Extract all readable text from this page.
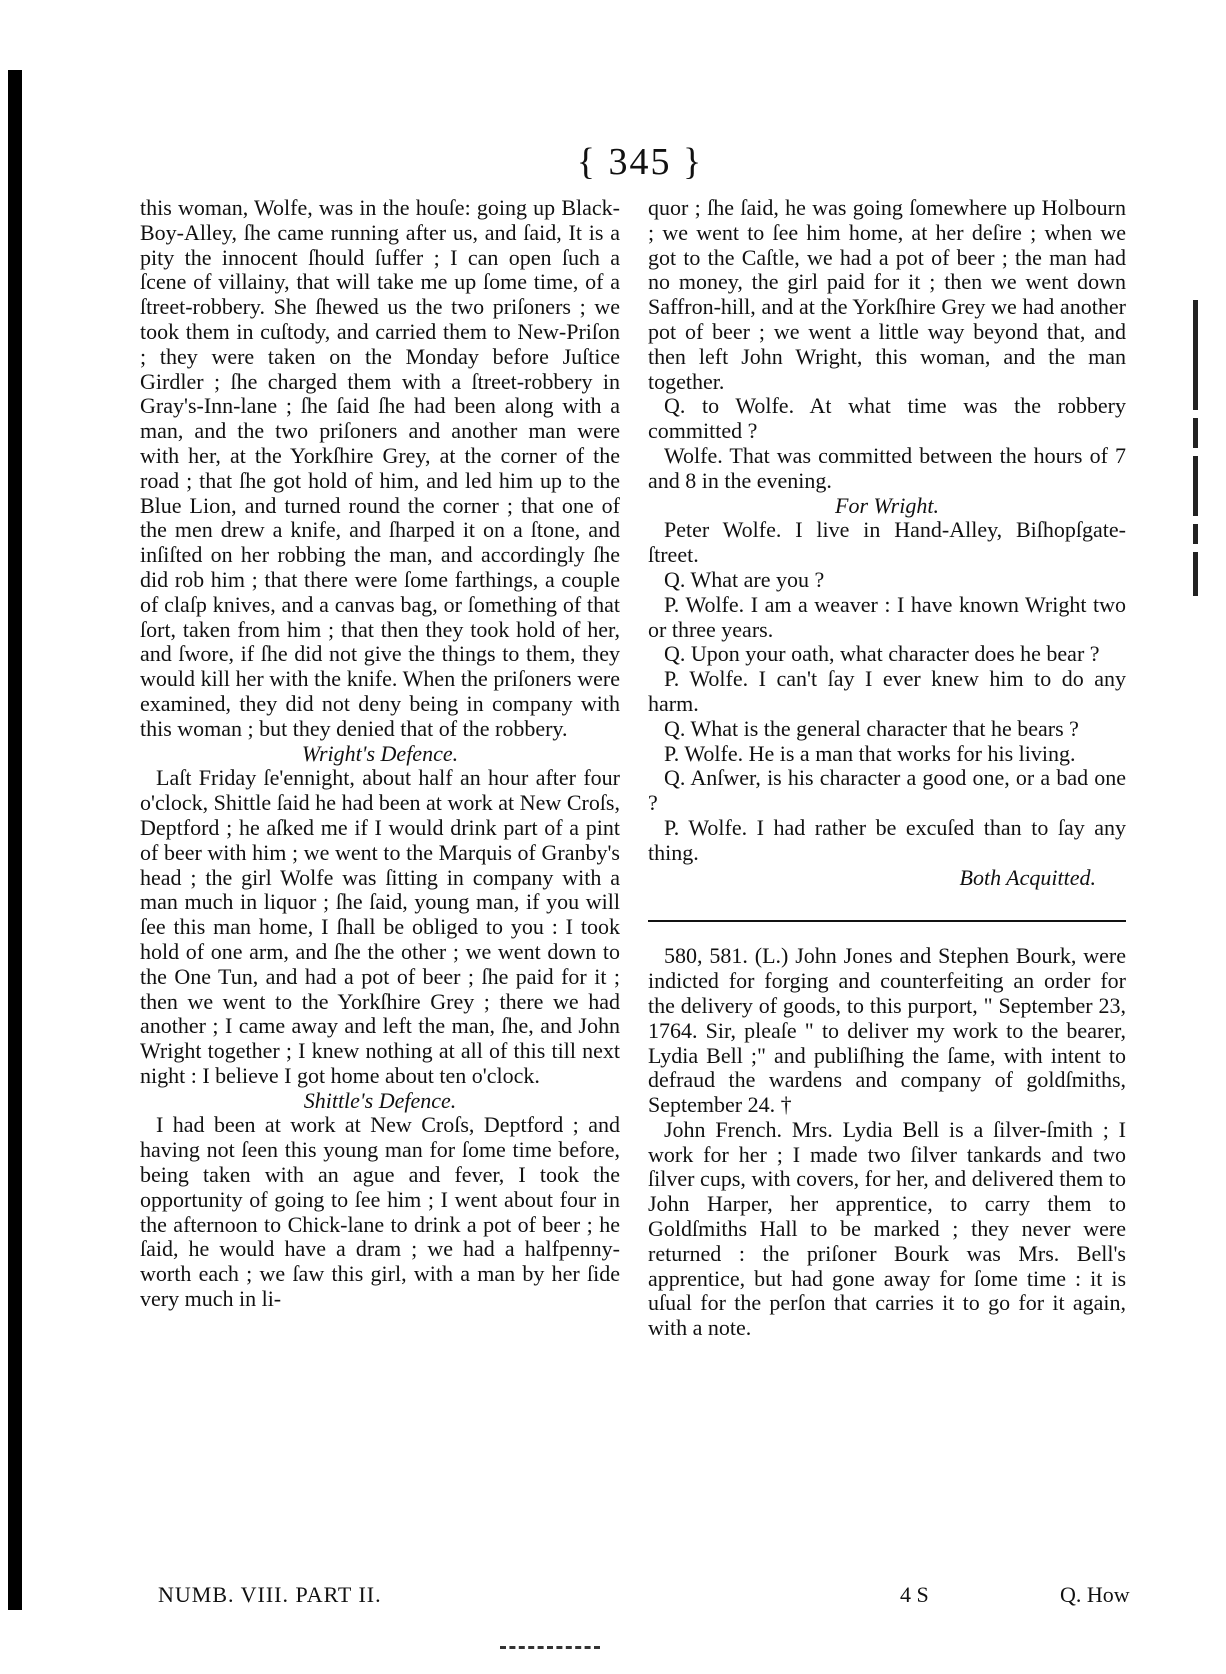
{ 345 }

this woman, Wolfe, was in the houſe: going up Black-Boy-Alley, ſhe came running after us, and ſaid, It is a pity the innocent ſhould ſuffer ; I can open ſuch a ſcene of villainy, that will take me up ſome time, of a ſtreet-robbery. She ſhewed us the two priſoners ; we took them in cuſtody, and carried them to New-Priſon ; they were taken on the Monday before Juſtice Girdler ; ſhe charged them with a ſtreet-robbery in Gray's-Inn-lane ; ſhe ſaid ſhe had been along with a man, and the two priſoners and another man were with her, at the Yorkſhire Grey, at the corner of the road ; that ſhe got hold of him, and led him up to the Blue Lion, and turned round the corner ; that one of the men drew a knife, and ſharped it on a ſtone, and inſiſted on her robbing the man, and accordingly ſhe did rob him ; that there were ſome farthings, a couple of claſp knives, and a canvas bag, or ſomething of that ſort, taken from him ; that then they took hold of her, and ſwore, if ſhe did not give the things to them, they would kill her with the knife. When the priſoners were examined, they did not deny being in company with this woman ; but they denied that of the robbery.

Wright's Defence.

Laſt Friday ſe'ennight, about half an hour after four o'clock, Shittle ſaid he had been at work at New Croſs, Deptford ; he aſked me if I would drink part of a pint of beer with him ; we went to the Marquis of Granby's head ; the girl Wolfe was ſitting in company with a man much in liquor ; ſhe ſaid, young man, if you will ſee this man home, I ſhall be obliged to you : I took hold of one arm, and ſhe the other ; we went down to the One Tun, and had a pot of beer ; ſhe paid for it ; then we went to the Yorkſhire Grey ; there we had another ; I came away and left the man, ſhe, and John Wright together ; I knew nothing at all of this till next night : I believe I got home about ten o'clock.

Shittle's Defence.

I had been at work at New Croſs, Deptford ; and having not ſeen this young man for ſome time before, being taken with an ague and fever, I took the opportunity of going to ſee him ; I went about four in the afternoon to Chick-lane to drink a pot of beer ; he ſaid, he would have a dram ; we had a halfpenny-worth each ; we ſaw this girl, with a man by her ſide very much in li-

quor ; ſhe ſaid, he was going ſomewhere up Holbourn ; we went to ſee him home, at her deſire ; when we got to the Caſtle, we had a pot of beer ; the man had no money, the girl paid for it ; then we went down Saffron-hill, and at the Yorkſhire Grey we had another pot of beer ; we went a little way beyond that, and then left John Wright, this woman, and the man together.

Q. to Wolfe. At what time was the robbery committed ?

Wolfe. That was committed between the hours of 7 and 8 in the evening.

For Wright.

Peter Wolfe. I live in Hand-Alley, Biſhopſgate-ſtreet.

Q. What are you ?

P. Wolfe. I am a weaver : I have known Wright two or three years.

Q. Upon your oath, what character does he bear ?

P. Wolfe. I can't ſay I ever knew him to do any harm.

Q. What is the general character that he bears ?

P. Wolfe. He is a man that works for his living.

Q. Anſwer, is his character a good one, or a bad one ?

P. Wolfe. I had rather be excuſed than to ſay any thing.

Both Acquitted.

580, 581. (L.) John Jones and Stephen Bourk, were indicted for forging and counterfeiting an order for the delivery of goods, to this purport, " September 23, 1764. Sir, pleaſe " to deliver my work to the bearer, Lydia Bell ;" and publiſhing the ſame, with intent to defraud the wardens and company of goldſmiths, September 24. †

John French. Mrs. Lydia Bell is a ſilver-ſmith ; I work for her ; I made two ſilver tankards and two ſilver cups, with covers, for her, and delivered them to John Harper, her apprentice, to carry them to Goldſmiths Hall to be marked ; they never were returned : the priſoner Bourk was Mrs. Bell's apprentice, but had gone away for ſome time : it is uſual for the perſon that carries it to go for it again, with a note.

NUMB. VIII. PART II.	4 S	Q. How
